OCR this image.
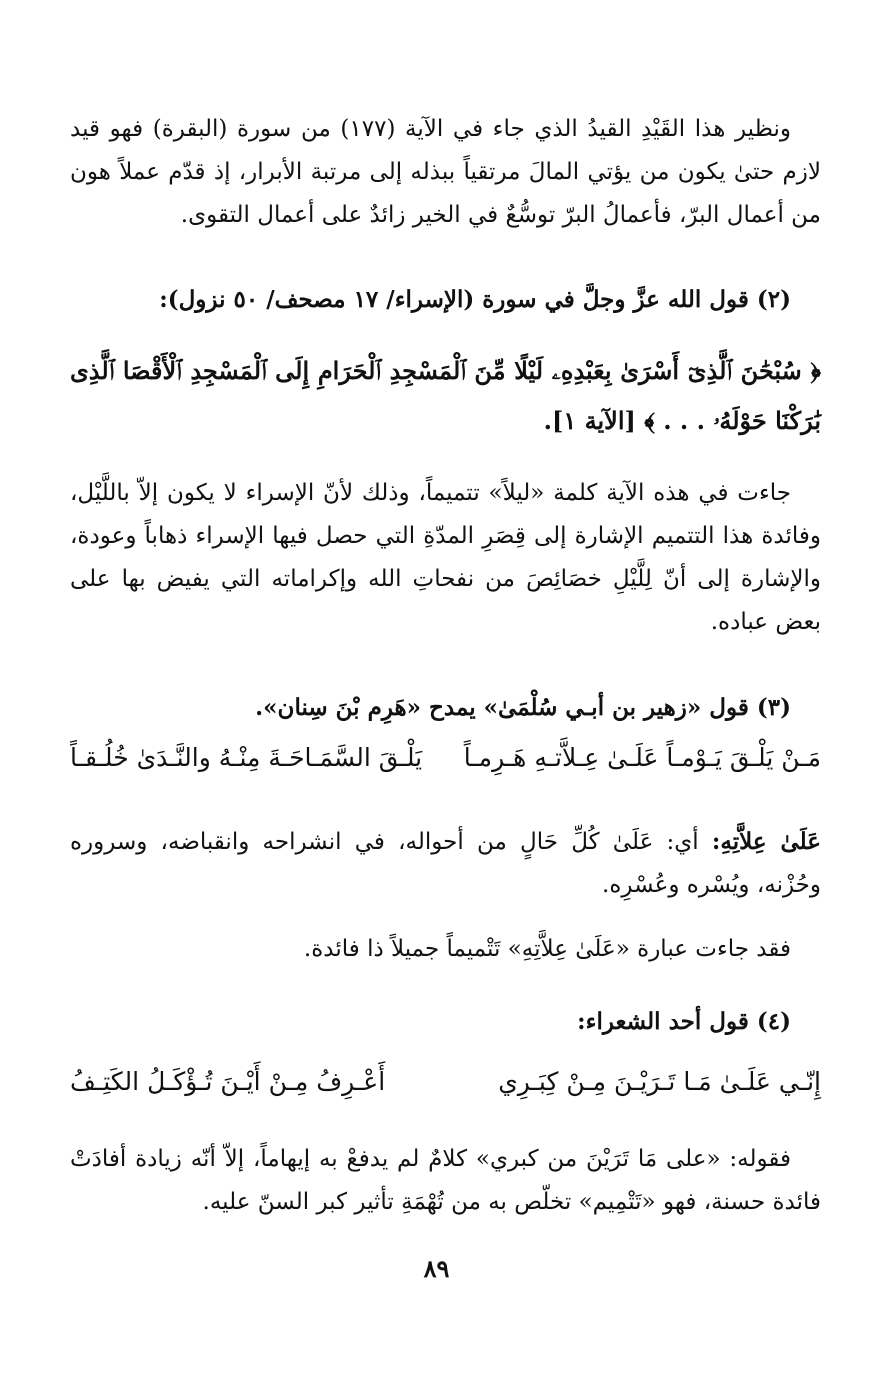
ونظير هذا القَيْدِ القيدُ الذي جاء في الآية (١٧٧) من سورة (البقرة) فهو قيد لازم حتىٰ يكون من يؤتي المالَ مرتقياً ببذله إلى مرتبة الأبرار، إذ قدّم عملاً هون من أعمال البرّ، فأعمالُ البرّ توسُّعٌ في الخير زائدٌ على أعمال التقوى.

(٢) قول الله عزَّ وجلَّ في سورة (الإسراء/ ١٧ مصحف/ ٥٠ نزول):

﴿ سُبْحَٰنَ ٱلَّذِىٓ أَسْرَىٰ بِعَبْدِهِۦ لَيْلًا مِّنَ ٱلْمَسْجِدِ ٱلْحَرَامِ إِلَى ٱلْمَسْجِدِ ٱلْأَقْصَا ٱلَّذِى بَٰرَكْنَا حَوْلَهُۥ . . . ﴾ [الآية ١].

جاءت في هذه الآية كلمة «ليلاً» تتميماً، وذلك لأنّ الإسراء لا يكون إلاّ باللَّيْل، وفائدة هذا التتميم الإشارة إلى قِصَرِ المدّةِ التي حصل فيها الإسراء ذهاباً وعودة، والإشارة إلى أنّ لِلَّيْلِ خصَائِصَ من نفحاتِ الله وإكراماته التي يفيض بها على بعض عباده.

(٣) قول «زهير بن أبـي سُلْمَىٰ» يمدح «هَرِم بْنَ سِنان».

مَـنْ يَلْـقَ يَـوْمـاً عَلَـىٰ عِـلاَّتـهِ هَـرِمـاً
يَلْـقَ السَّمَـاحَـةَ مِنْـهُ والنَّـدَىٰ خُلُـقـاً

عَلَىٰ عِلاَّتِهِ: أي: عَلَىٰ كُلِّ حَالٍ من أحواله، في انشراحه وانقباضه، وسروره وحُزْنه، ويُسْره وعُسْرِه.

فقد جاءت عبارة «عَلَىٰ عِلاَّتِهِ» تَتْميماً جميلاً ذا فائدة.

(٤) قول أحد الشعراء:

إِنّـي عَلَـىٰ مَـا تَـرَيْـنَ مِـنْ كِبَـرِي
أَعْـرِفُ مِـنْ أَيْـنَ تُـؤْكَـلُ الكَتِـفُ

فقوله: «على مَا تَرَيْنَ من كبري» كلامٌ لم يدفعْ به إيهاماً، إلاّ أنّه زيادة أفادَتْ فائدة حسنة، فهو «تَتْمِيم» تخلّص به من تُهْمَةِ تأثير كبر السنّ عليه.

٨٩
